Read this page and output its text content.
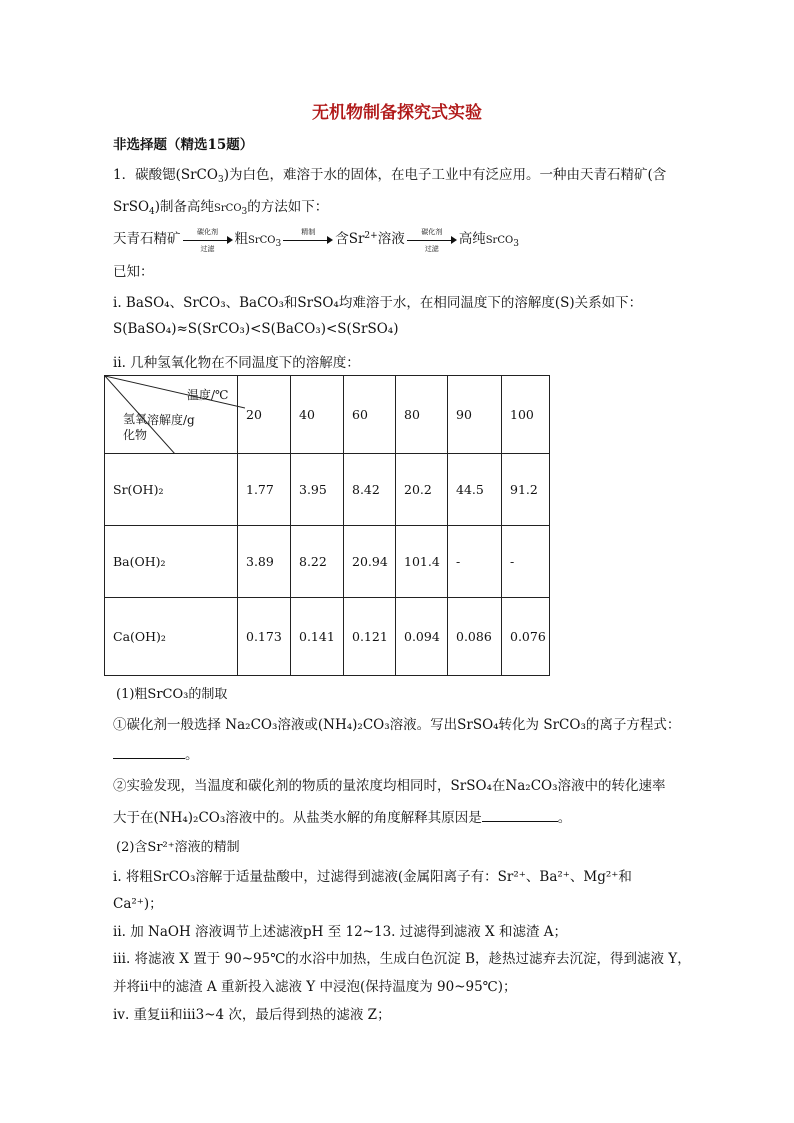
无机物制备探究式实验
非选择题（精选15题）
1．碳酸锶(SrCO$_3$)为白色，难溶于水的固体，在电子工业中有泛应用。一种由天青石精矿(含
SrSO$_4$)制备高纯SrCO$_3$的方法如下：
天青石精矿	碳化剂
过滤
粗SrCO$_3$
精制	含$Sr^{2+}$溶液	碳化剂
过滤
高纯SrCO$_3$
已知：
ⅰ. BaSO₄、SrCO₃、BaCO₃和SrSO₄均难溶于水，在相同温度下的溶解度(S)关系如下：
S(BaSO₄)≈S(SrCO₃)<S(BaCO₃)<S(SrSO₄)
ⅱ. 几种氢氧化物在不同温度下的溶解度：
温度/℃
溶解度/g
氢氧
化物	20	40	60	80	90	100
Sr(OH)₂	1.77	3.95	8.42	20.2	44.5	91.2
Ba(OH)₂	3.89	8.22	20.94	101.4	-	-
Ca(OH)₂	0.173	0.141	0.121	0.094	0.086	0.076
(1)粗SrCO₃的制取
①碳化剂一般选择 Na₂CO₃溶液或(NH₄)₂CO₃溶液。写出SrSO₄转化为 SrCO₃的离子方程式：
。
②实验发现，当温度和碳化剂的物质的量浓度均相同时，SrSO₄在Na₂CO₃溶液中的转化速率
大于在(NH₄)₂CO₃溶液中的。从盐类水解的角度解释其原因是	。
(2)含Sr²⁺溶液的精制
ⅰ. 将粗SrCO₃溶解于适量盐酸中，过滤得到滤液(金属阳离子有：Sr²⁺、Ba²⁺、Mg²⁺和
Ca²⁺)；
ⅱ. 加 NaOH 溶液调节上述滤液pH 至 12~13. 过滤得到滤液 X 和滤渣 A；
ⅲ. 将滤液 X 置于 90~95℃的水浴中加热，生成白色沉淀 B，趁热过滤弃去沉淀，得到滤液 Y，
并将ⅱ中的滤渣 A 重新投入滤液 Y 中浸泡(保持温度为 90~95℃)；
ⅳ. 重复ⅱ和ⅲ3~4 次，最后得到热的滤液 Z；
